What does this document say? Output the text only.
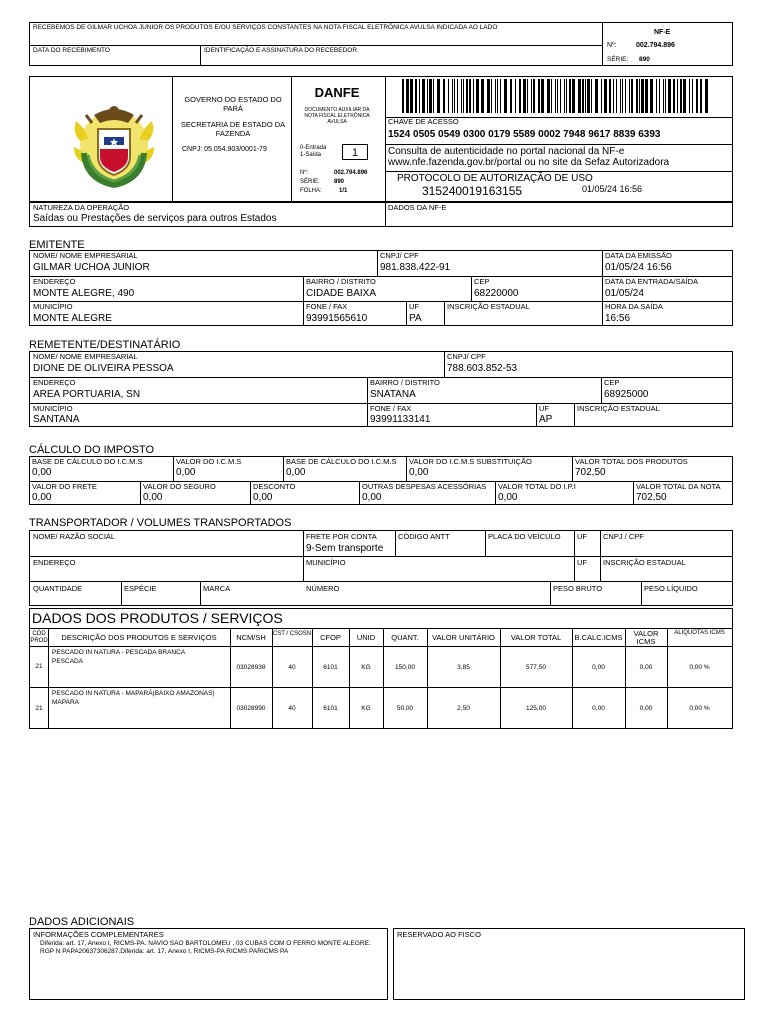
RECEBEMOS DE GILMAR UCHOA JUNIOR OS PRODUTOS E/OU SERVIÇOS CONSTANTES NA NOTA FISCAL ELETRÔNICA AVULSA INDICADA AO LADO
DATA DO RECEBIMENTO	IDENTIFICAÇÃO E ASSINATURA DO RECEBEDOR
NF-E
Nº:	002.794.896
SÉRIE: 890
GOVERNO DO ESTADO DO PARÁ
SECRETARIA DE ESTADO DA FAZENDA
CNPJ: 05.054.903/0001-79
DANFE
DOCUMENTO AUXILIAR DA NOTA FISCAL ELETRÔNICA AVULSA
0-Entrada
1-Saída	1
Nº:	002.794.896
SÉRIE: 890
FOLHA:	1/1
CHAVE DE ACESSO
1524 0505 0549 0300 0179 5589 0002 7948 9617 8839 6393
Consulta de autenticidade no portal nacional da NF-e www.nfe.fazenda.gov.br/portal ou no site da Sefaz Autorizadora
PROTOCOLO DE AUTORIZAÇÃO DE USO
315240019163155	01/05/24 16:56
NATUREZA DA OPERAÇÃO
Saídas ou Prestações de serviços para outros Estados
DADOS DA NF-E
EMITENTE
NOME/ NOME EMPRESARIAL
GILMAR UCHOA JUNIOR
CNPJ/ CPF
981.838.422-91
DATA DA EMISSÃO
01/05/24 16:56
ENDEREÇO
MONTE ALEGRE, 490
BAIRRO / DISTRITO
CIDADE BAIXA
CEP
68220000
DATA DA ENTRADA/SAÍDA
01/05/24
MUNICÍPIO
MONTE ALEGRE
FONE / FAX
93991565610
UF
PA
INSCRIÇÃO ESTADUAL	HORA DA SAÍDA
16:56
REMETENTE/DESTINATÁRIO
NOME/ NOME EMPRESARIAL
DIONE DE OLIVEIRA PESSOA
CNPJ/ CPF
788.603.852-53
ENDEREÇO
AREA PORTUARIA, SN
BAIRRO / DISTRITO
SNATANA
CEP
68925000
MUNICÍPIO
SANTANA
FONE / FAX
93991133141
UF
AP
INSCRIÇÃO ESTADUAL
CÁLCULO DO IMPOSTO
BASE DE CÁLCULO DO I.C.M.S
0,00
VALOR DO I.C.M.S
0,00
BASE DE CÁLCULO DO I.C.M.S
0,00
VALOR DO I.C.M.S SUBSTITUIÇÃO
0,00
VALOR TOTAL DOS PRODUTOS
702,50
VALOR DO FRETE
0,00
VALOR DO SEGURO
0,00
DESCONTO
0,00
OUTRAS DESPESAS ACESSÓRIAS
0,00
VALOR TOTAL DO I.P.I
0,00
VALOR TOTAL DA NOTA
702,50
TRANSPORTADOR / VOLUMES TRANSPORTADOS
NOME/ RAZÃO SOCIAL	FRETE POR CONTA
9-Sem transporte
CÓDIGO ANTT	PLACA DO VEÍCULO UF CNPJ / CPF
ENDEREÇO	MUNICÍPIO	UF INSCRIÇÃO ESTADUAL
QUANTIDADE	ESPÉCIE	MARCA	NÚMERO	PESO BRUTO	PESO LÍQUIDO
DADOS DOS PRODUTOS / SERVIÇOS
CÓD PROD	DESCRIÇÃO DOS PRODUTOS E SERVIÇOS	NCM/SH	CST / CSOSN	CFOP	UNID	QUANT.	VALOR UNITÁRIO	VALOR TOTAL	B.CALC.ICMS	VALOR ICMS
ALÍQUOTAS ICMS
21
PESCADO IN NATURA - PESCADA BRANCA
PESCADA
03028938	40	6101	KG	150,00	3,85	577,50	0,00	0,00	0,00 %
21
PESCADO IN NATURA - MAPARÁ(BAIXO AMAZONAS)
MAPARA
03028990	40	6101	KG	50,00	2,50	125,00	0,00	0,00	0,00 %
DADOS ADICIONAIS
INFORMAÇÕES COMPLEMENTARES
Diferida: art. 17, Anexo I, RICMS-PA. NAVIO SAO BARTOLOMEU , 03 CUBAS COM O FERRO MONTE ALEGRE.
RGP N PAPA20637306287.Diferida: art. 17, Anexo I, RICMS-PA RICMS PARICMS PA
RESERVADO AO FISCO
